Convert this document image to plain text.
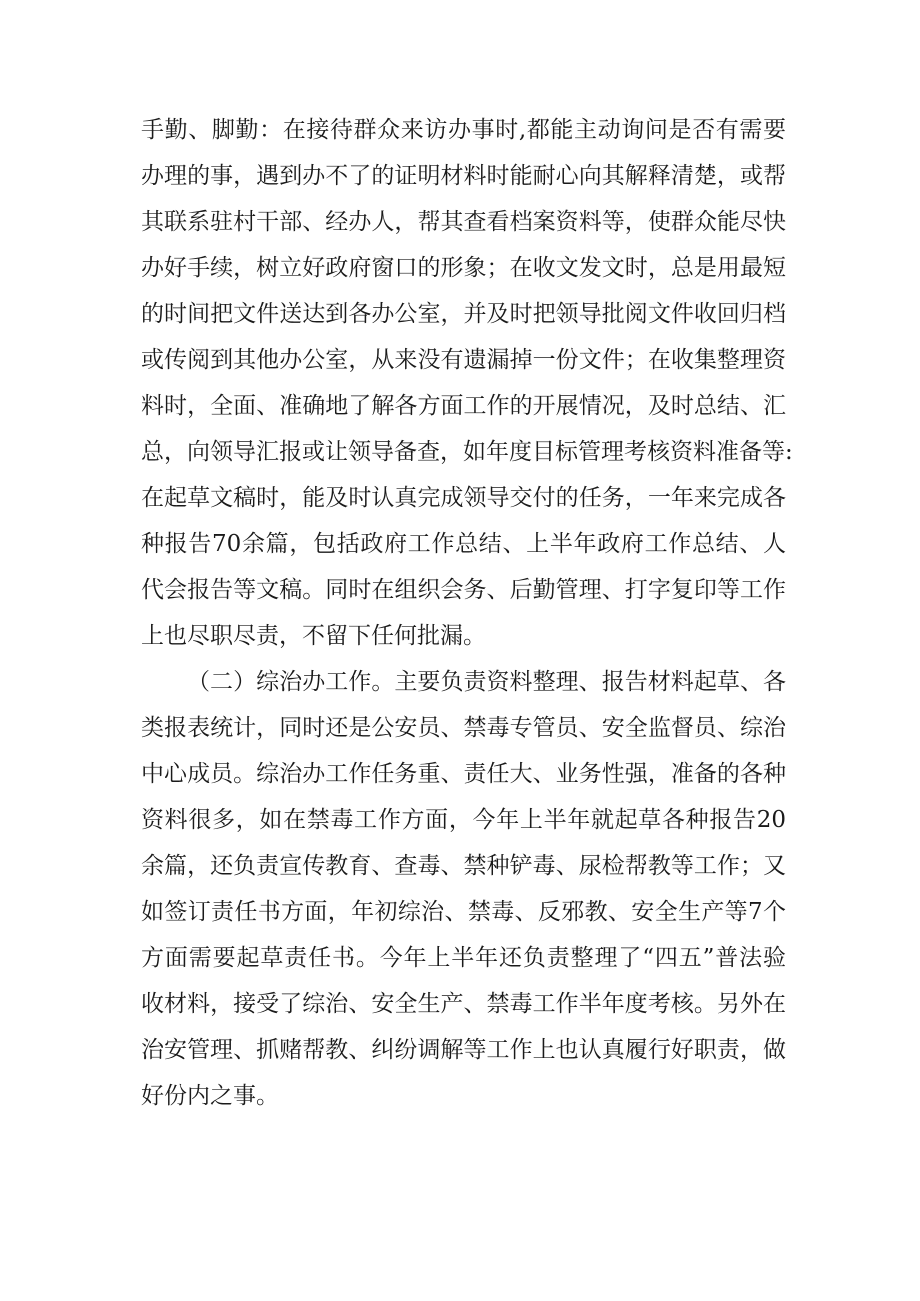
手勤、脚勤：在接待群众来访办事时,都能主动询问是否有需要
办理的事，遇到办不了的证明材料时能耐心向其解释清楚，或帮
其联系驻村干部、经办人，帮其查看档案资料等，使群众能尽快
办好手续，树立好政府窗口的形象；在收文发文时，总是用最短
的时间把文件送达到各办公室，并及时把领导批阅文件收回归档
或传阅到其他办公室，从来没有遗漏掉一份文件；在收集整理资
料时，全面、准确地了解各方面工作的开展情况，及时总结、汇
总，向领导汇报或让领导备查，如年度目标管理考核资料准备等:
在起草文稿时，能及时认真完成领导交付的任务，一年来完成各
种报告70余篇，包括政府工作总结、上半年政府工作总结、人
代会报告等文稿。同时在组织会务、后勤管理、打字复印等工作
上也尽职尽责，不留下任何批漏。
（二）综治办工作。主要负责资料整理、报告材料起草、各
类报表统计，同时还是公安员、禁毒专管员、安全监督员、综治
中心成员。综治办工作任务重、责任大、业务性强，准备的各种
资料很多，如在禁毒工作方面，今年上半年就起草各种报告20
余篇，还负责宣传教育、查毒、禁种铲毒、尿检帮教等工作；又
如签订责任书方面，年初综治、禁毒、反邪教、安全生产等7个
方面需要起草责任书。今年上半年还负责整理了“四五”普法验
收材料，接受了综治、安全生产、禁毒工作半年度考核。另外在
治安管理、抓赌帮教、纠纷调解等工作上也认真履行好职责，做
好份内之事。
